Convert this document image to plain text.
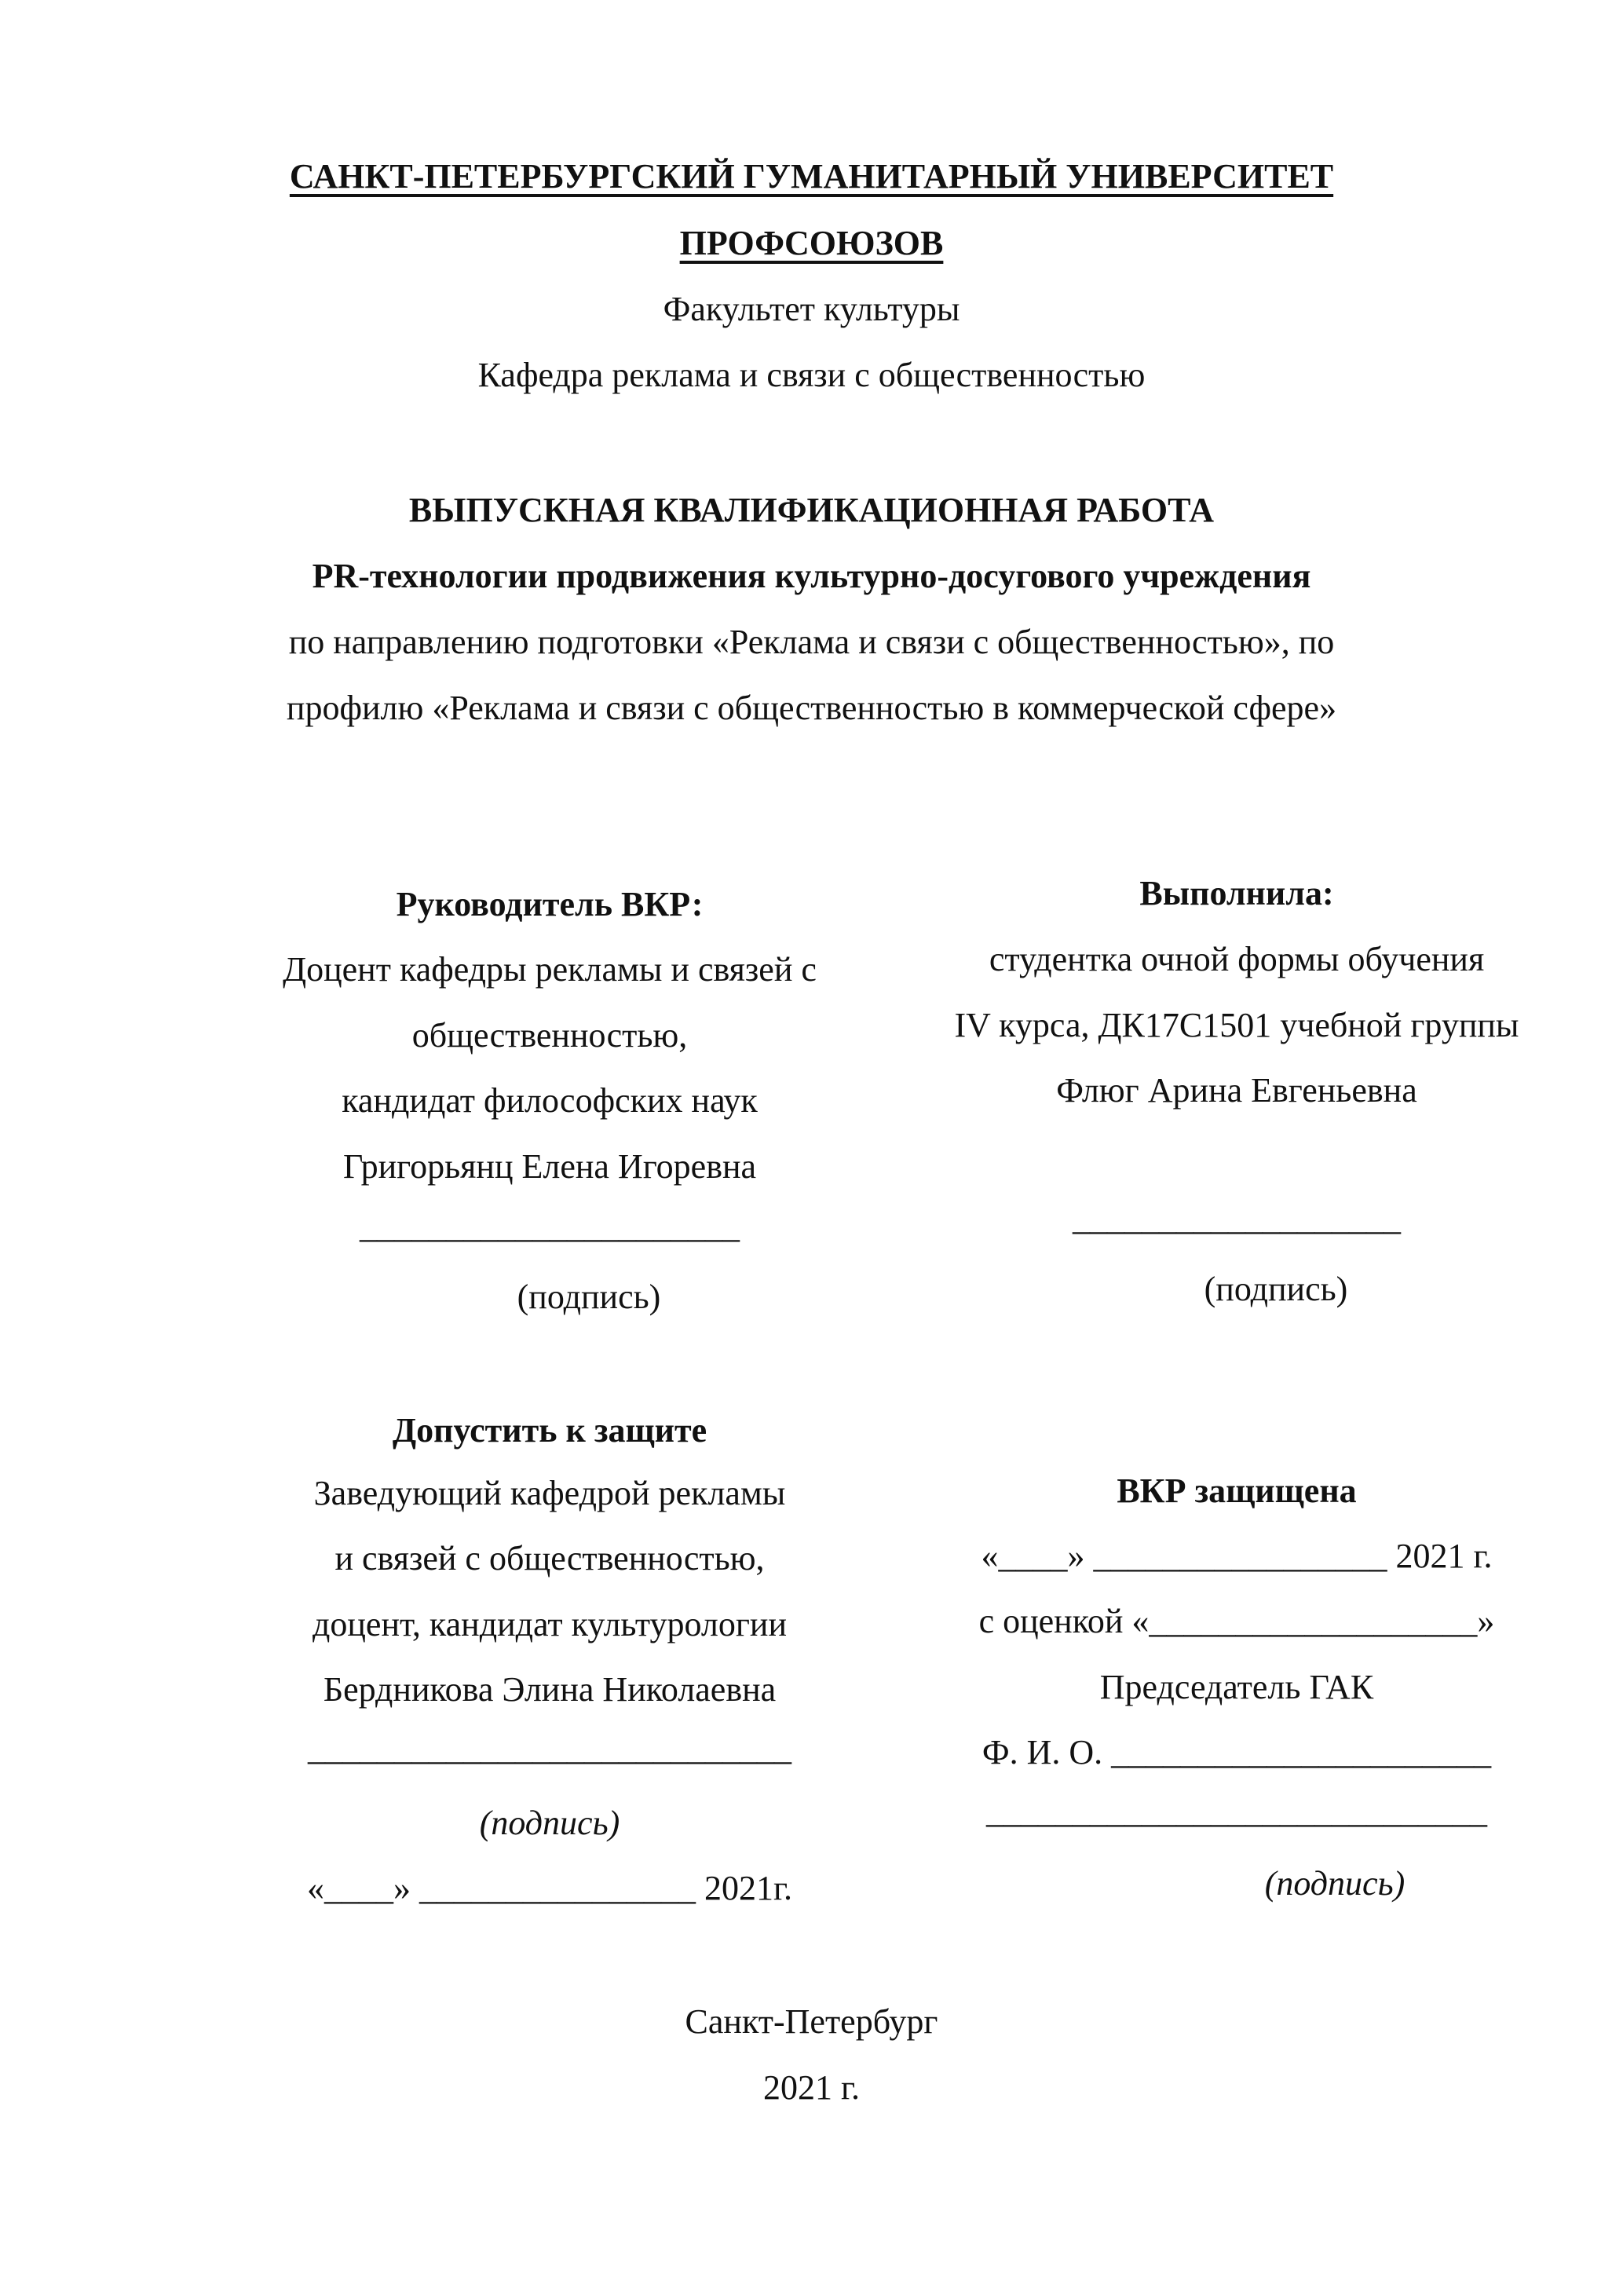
САНКТ-ПЕТЕРБУРГСКИЙ ГУМАНИТАРНЫЙ УНИВЕРСИТЕТ
ПРОФСОЮЗОВ
Факультет культуры
Кафедра реклама и связи с общественностью
ВЫПУСКНАЯ КВАЛИФИКАЦИОННАЯ РАБОТА
PR-технологии продвижения культурно-досугового учреждения
по направлению подготовки «Реклама и связи с общественностью», по
профилю «Реклама и связи с общественностью в коммерческой сфере»
Руководитель ВКР:
Доцент кафедры рекламы и связей с
общественностью,
кандидат философских наук
Григорьянц Елена Игоревна
______________________
(подпись)
Выполнила:
студентка очной формы обучения
IV курса, ДК17С1501 учебной группы
Флюг Арина Евгеньевна
___________________
(подпись)
Допустить к защите
Заведующий кафедрой рекламы
и связей с общественностью,
доцент, кандидат культурологии
Бердникова Элина Николаевна
____________________________
(подпись)
«____» ________________ 2021г.
ВКР защищена
«____» _________________ 2021 г.
с оценкой «___________________»
Председатель ГАК
Ф. И. О. ______________________
_____________________________
(подпись)
Санкт-Петербург
2021 г.
